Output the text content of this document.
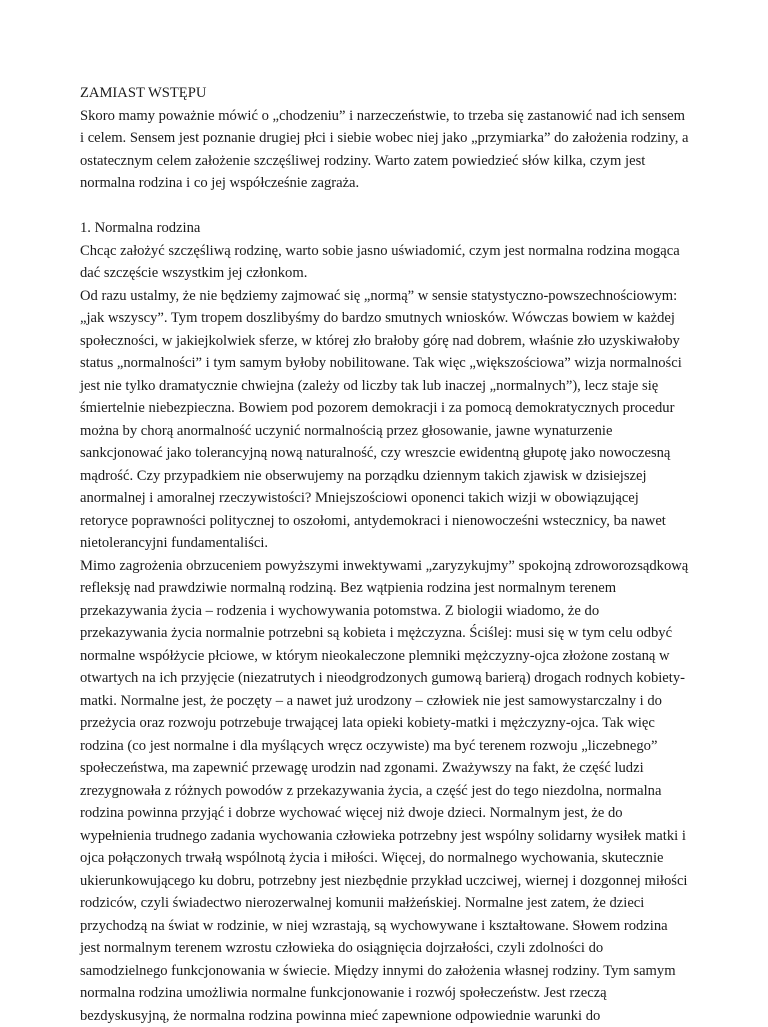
ZAMIAST WSTĘPU

Skoro mamy poważnie mówić o „chodzeniu” i narzeczeństwie, to trzeba się zastanowić nad ich sensem i celem. Sensem jest poznanie drugiej płci i siebie wobec niej jako „przymiarka” do założenia rodziny, a ostatecznym celem założenie szczęśliwej rodziny. Warto zatem powiedzieć słów kilka, czym jest normalna rodzina i co jej współcześnie zagraża.

1. Normalna rodzina

Chcąc założyć szczęśliwą rodzinę, warto sobie jasno uświadomić, czym jest normalna rodzina mogąca dać szczęście wszystkim jej członkom.

Od razu ustalmy, że nie będziemy zajmować się „normą” w sensie statystyczno-powszechnościowym: „jak wszyscy”. Tym tropem doszlibyśmy do bardzo smutnych wniosków. Wówczas bowiem w każdej społeczności, w jakiejkolwiek sferze, w której zło brałoby górę nad dobrem, właśnie zło uzyskiwałoby status „normalności” i tym samym byłoby nobilitowane. Tak więc „większościowa” wizja normalności jest nie tylko dramatycznie chwiejna (zależy od liczby tak lub inaczej „normalnych”), lecz staje się śmiertelnie niebezpieczna. Bowiem pod pozorem demokracji i za pomocą demokratycznych procedur można by chorą anormalność uczynić normalnością przez głosowanie, jawne wynaturzenie sankcjonować jako tolerancyjną nową naturalność, czy wreszcie ewidentną głupotę jako nowoczesną mądrość. Czy przypadkiem nie obserwujemy na porządku dziennym takich zjawisk w dzisiejszej anormalnej i amoralnej rzeczywistości? Mniejszościowi oponenci takich wizji w obowiązującej retoryce poprawności politycznej to oszołomi, antydemokraci i nienowocześni wstecznicy, ba nawet nietolerancyjni fundamentaliści.

Mimo zagrożenia obrzuceniem powyższymi inwektywami „zaryzykujmy” spokojną zdroworozsądkową refleksję nad prawdziwie normalną rodziną. Bez wątpienia rodzina jest normalnym terenem przekazywania życia – rodzenia i wychowywania potomstwa. Z biologii wiadomo, że do przekazywania życia normalnie potrzebni są kobieta i mężczyzna. Ściślej: musi się w tym celu odbyć normalne współżycie płciowe, w którym nieokaleczone plemniki mężczyzny-ojca złożone zostaną w otwartych na ich przyjęcie (niezatrutych i nieodgrodzonych gumową barierą) drogach rodnych kobiety-matki. Normalne jest, że poczęty – a nawet już urodzony – człowiek nie jest samowystarczalny i do przeżycia oraz rozwoju potrzebuje trwającej lata opieki kobiety-matki i mężczyzny-ojca. Tak więc rodzina (co jest normalne i dla myślących wręcz oczywiste) ma być terenem rozwoju „liczebnego” społeczeństwa, ma zapewnić przewagę urodzin nad zgonami. Zważywszy na fakt, że część ludzi zrezygnowała z różnych powodów z przekazywania życia, a część jest do tego niezdolna, normalna rodzina powinna przyjąć i dobrze wychować więcej niż dwoje dzieci. Normalnym jest, że do wypełnienia trudnego zadania wychowania człowieka potrzebny jest wspólny solidarny wysiłek matki i ojca połączonych trwałą wspólnotą życia i miłości. Więcej, do normalnego wychowania, skutecznie ukierunkowującego ku dobru, potrzebny jest niezbędnie przykład uczciwej, wiernej i dozgonnej miłości rodziców, czyli świadectwo nierozerwalnej komunii małżeńskiej. Normalne jest zatem, że dzieci przychodzą na świat w rodzinie, w niej wzrastają, są wychowywane i kształtowane. Słowem rodzina jest normalnym terenem wzrostu człowieka do osiągnięcia dojrzałości, czyli zdolności do samodzielnego funkcjonowania w świecie. Między innymi do założenia własnej rodziny. Tym samym normalna rodzina umożliwia normalne funkcjonowanie i rozwój społeczeństw. Jest rzeczą bezdyskusyjną, że normalna rodzina powinna mieć zapewnione odpowiednie warunki do
